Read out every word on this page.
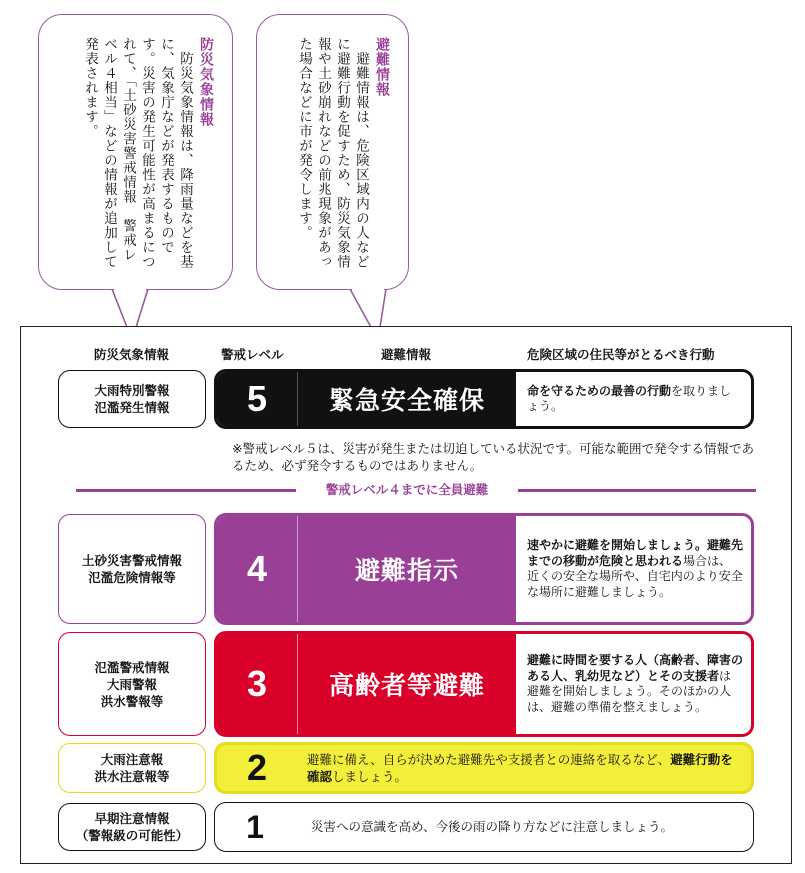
防災気象情報
　防災気象情報は、降雨量などを基に、気象庁などが発表するものです。災害の発生可能性が高まるにつれて、「土砂災害警戒情報　警戒レベル４相当」などの情報が追加して発表されます。	避難情報
　避難情報は、危険区域内の人などに避難行動を促すため、防災気象情報や土砂崩れなどの前兆現象があった場合などに市が発令します。
防災気象情報	警戒レベル	避難情報	危険区域の住民等がとるべき行動
大雨特別警報
氾濫発生情報	5	緊急安全確保	命を守るための最善の行動を取りましょう。
※警戒レベル５は、災害が発生または切迫している状況です。可能な範囲で発令する情報であるため、必ず発令するものではありません。
警戒レベル４までに全員避難
土砂災害警戒情報
氾濫危険情報等	4	避難指示
速やかに避難を開始しましょう。避難先までの移動が危険と思われる場合は、近くの安全な場所や、自宅内のより安全な場所に避難しましょう。
氾濫警戒情報
大雨警報
洪水警報等	3	高齢者等避難
避難に時間を要する人（高齢者、障害のある人、乳幼児など）とその支援者は避難を開始しましょう。そのほかの人は、避難の準備を整えましょう。
大雨注意報
洪水注意報等	2	避難に備え、自らが決めた避難先や支援者との連絡を取るなど、避難行動を確認しましょう。
早期注意情報
（警報級の可能性）	1	災害への意識を高め、今後の雨の降り方などに注意しましょう。
